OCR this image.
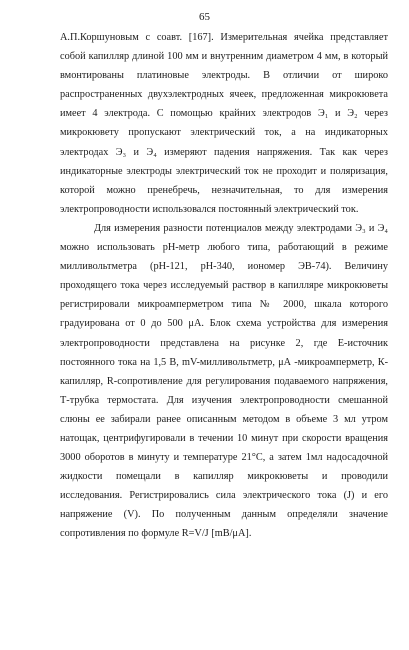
65
А.П.Коршуновым с соавт. [167]. Измерительная ячейка представляет
собой капилляр длиной 100 мм и внутренним диаметром 4 мм, в который
вмонтированы платиновые электроды. В отличии от широко
распространенных двухэлектродных ячеек, предложенная микрокювета
имеет 4 электрода. С помощью крайних электродов Э₁ и Э₂ через
микрокювету пропускают электрический ток, а на индикаторных
электродах Э₃ и Э₄ измеряют падения напряжения. Так как через
индикаторные электроды электрический ток не проходит и поляризация,
которой можно пренебречь, незначительная, то для измерения
электропроводности использовался постоянный электрический ток.
Для измерения разности потенциалов между электродами Э₃ и Э₄
можно использовать рН-метр любого типа, работающий в режиме
милливольтметра (рН-121, рН-340, иономер ЭВ-74). Величину
проходящего тока через исследуемый раствор в капилляре микрокюветы
регистрировали микроамперметром типа № 2000, шкала которого
градуирована от 0 до 500 μА. Блок схема устройства для измерения
электропроводности представлена на рисунке 2, где Е-источник
постоянного тока на 1,5 В, mV-милливольтметр, μА -микроамперметр, К-
капилляр, R-сопротивление для регулирования подаваемого напряжения,
Т-трубка термостата. Для изучения электропроводности смешанной
слюны ее забирали ранее описанным методом в объеме 3 мл утром
натощак, центрифугировали в течении 10 минут при скорости вращения
3000 оборотов в минуту и температуре 21°С, а затем 1мл надосадочной
жидкости помещали в капилляр микрокюветы и проводили
исследования. Регистрировались сила электрического тока (J) и его
напряжение (V). По полученным данным определяли значение
сопротивления по формуле R=V/J [mB/μA].
